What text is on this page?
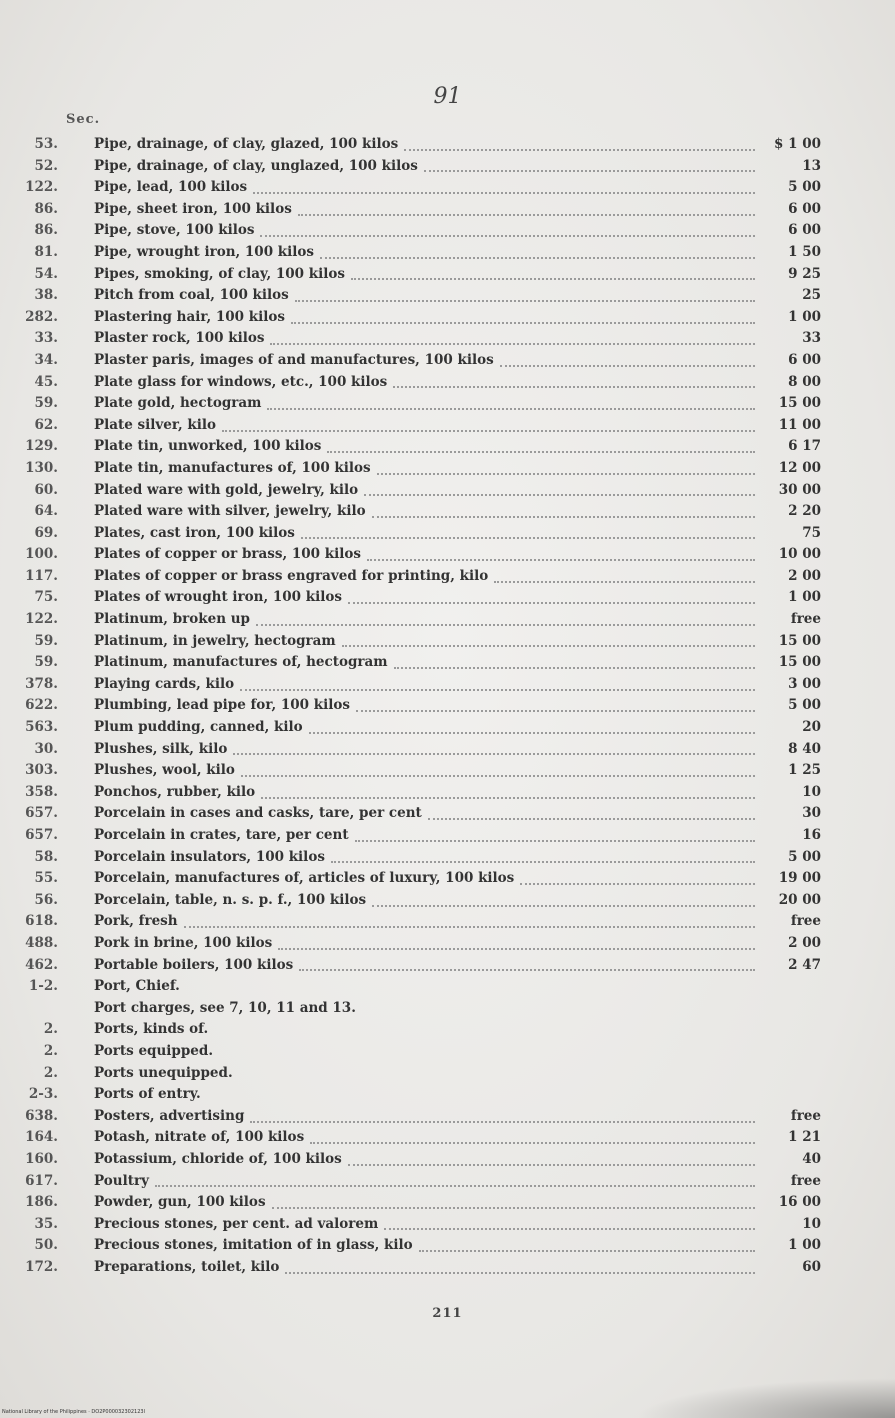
91
Sec.
53.	Pipe, drainage, of clay, glazed, 100 kilos	$ 1 00
52.	Pipe, drainage, of clay, unglazed, 100 kilos	13
122.	Pipe, lead, 100 kilos	5 00
86.	Pipe, sheet iron, 100 kilos	6 00
86.	Pipe, stove, 100 kilos	6 00
81.	Pipe, wrought iron, 100 kilos	1 50
54.	Pipes, smoking, of clay, 100 kilos	9 25
38.	Pitch from coal, 100 kilos	25
282.	Plastering hair, 100 kilos	1 00
33.	Plaster rock, 100 kilos	33
34.	Plaster paris, images of and manufactures, 100 kilos	6 00
45.	Plate glass for windows, etc., 100 kilos	8 00
59.	Plate gold, hectogram	15 00
62.	Plate silver, kilo	11 00
129.	Plate tin, unworked, 100 kilos	6 17
130.	Plate tin, manufactures of, 100 kilos	12 00
60.	Plated ware with gold, jewelry, kilo	30 00
64.	Plated ware with silver, jewelry, kilo	2 20
69.	Plates, cast iron, 100 kilos	75
100.	Plates of copper or brass, 100 kilos	10 00
117.	Plates of copper or brass engraved for printing, kilo	2 00
75.	Plates of wrought iron, 100 kilos	1 00
122.	Platinum, broken up	free
59.	Platinum, in jewelry, hectogram	15 00
59.	Platinum, manufactures of, hectogram	15 00
378.	Playing cards, kilo	3 00
622.	Plumbing, lead pipe for, 100 kilos	5 00
563.	Plum pudding, canned, kilo	20
30.	Plushes, silk, kilo	8 40
303.	Plushes, wool, kilo	1 25
358.	Ponchos, rubber, kilo	10
657.	Porcelain in cases and casks, tare, per cent	30
657.	Porcelain in crates, tare, per cent	16
58.	Porcelain insulators, 100 kilos	5 00
55.	Porcelain, manufactures of, articles of luxury, 100 kilos	19 00
56.	Porcelain, table, n. s. p. f., 100 kilos	20 00
618.	Pork, fresh	free
488.	Pork in brine, 100 kilos	2 00
462.	Portable boilers, 100 kilos	2 47
1-2.	Port, Chief.
Port charges, see 7, 10, 11 and 13.
2.	Ports, kinds of.
2.	Ports equipped.
2.	Ports unequipped.
2-3.	Ports of entry.
638.	Posters, advertising	free
164.	Potash, nitrate of, 100 kilos	1 21
160.	Potassium, chloride of, 100 kilos	40
617.	Poultry	free
186.	Powder, gun, 100 kilos	16 00
35.	Precious stones, per cent. ad valorem	10
50.	Precious stones, imitation of in glass, kilo	1 00
172.	Preparations, toilet, kilo	60
211
National Library of the Philippines · DO2P000032302123l
